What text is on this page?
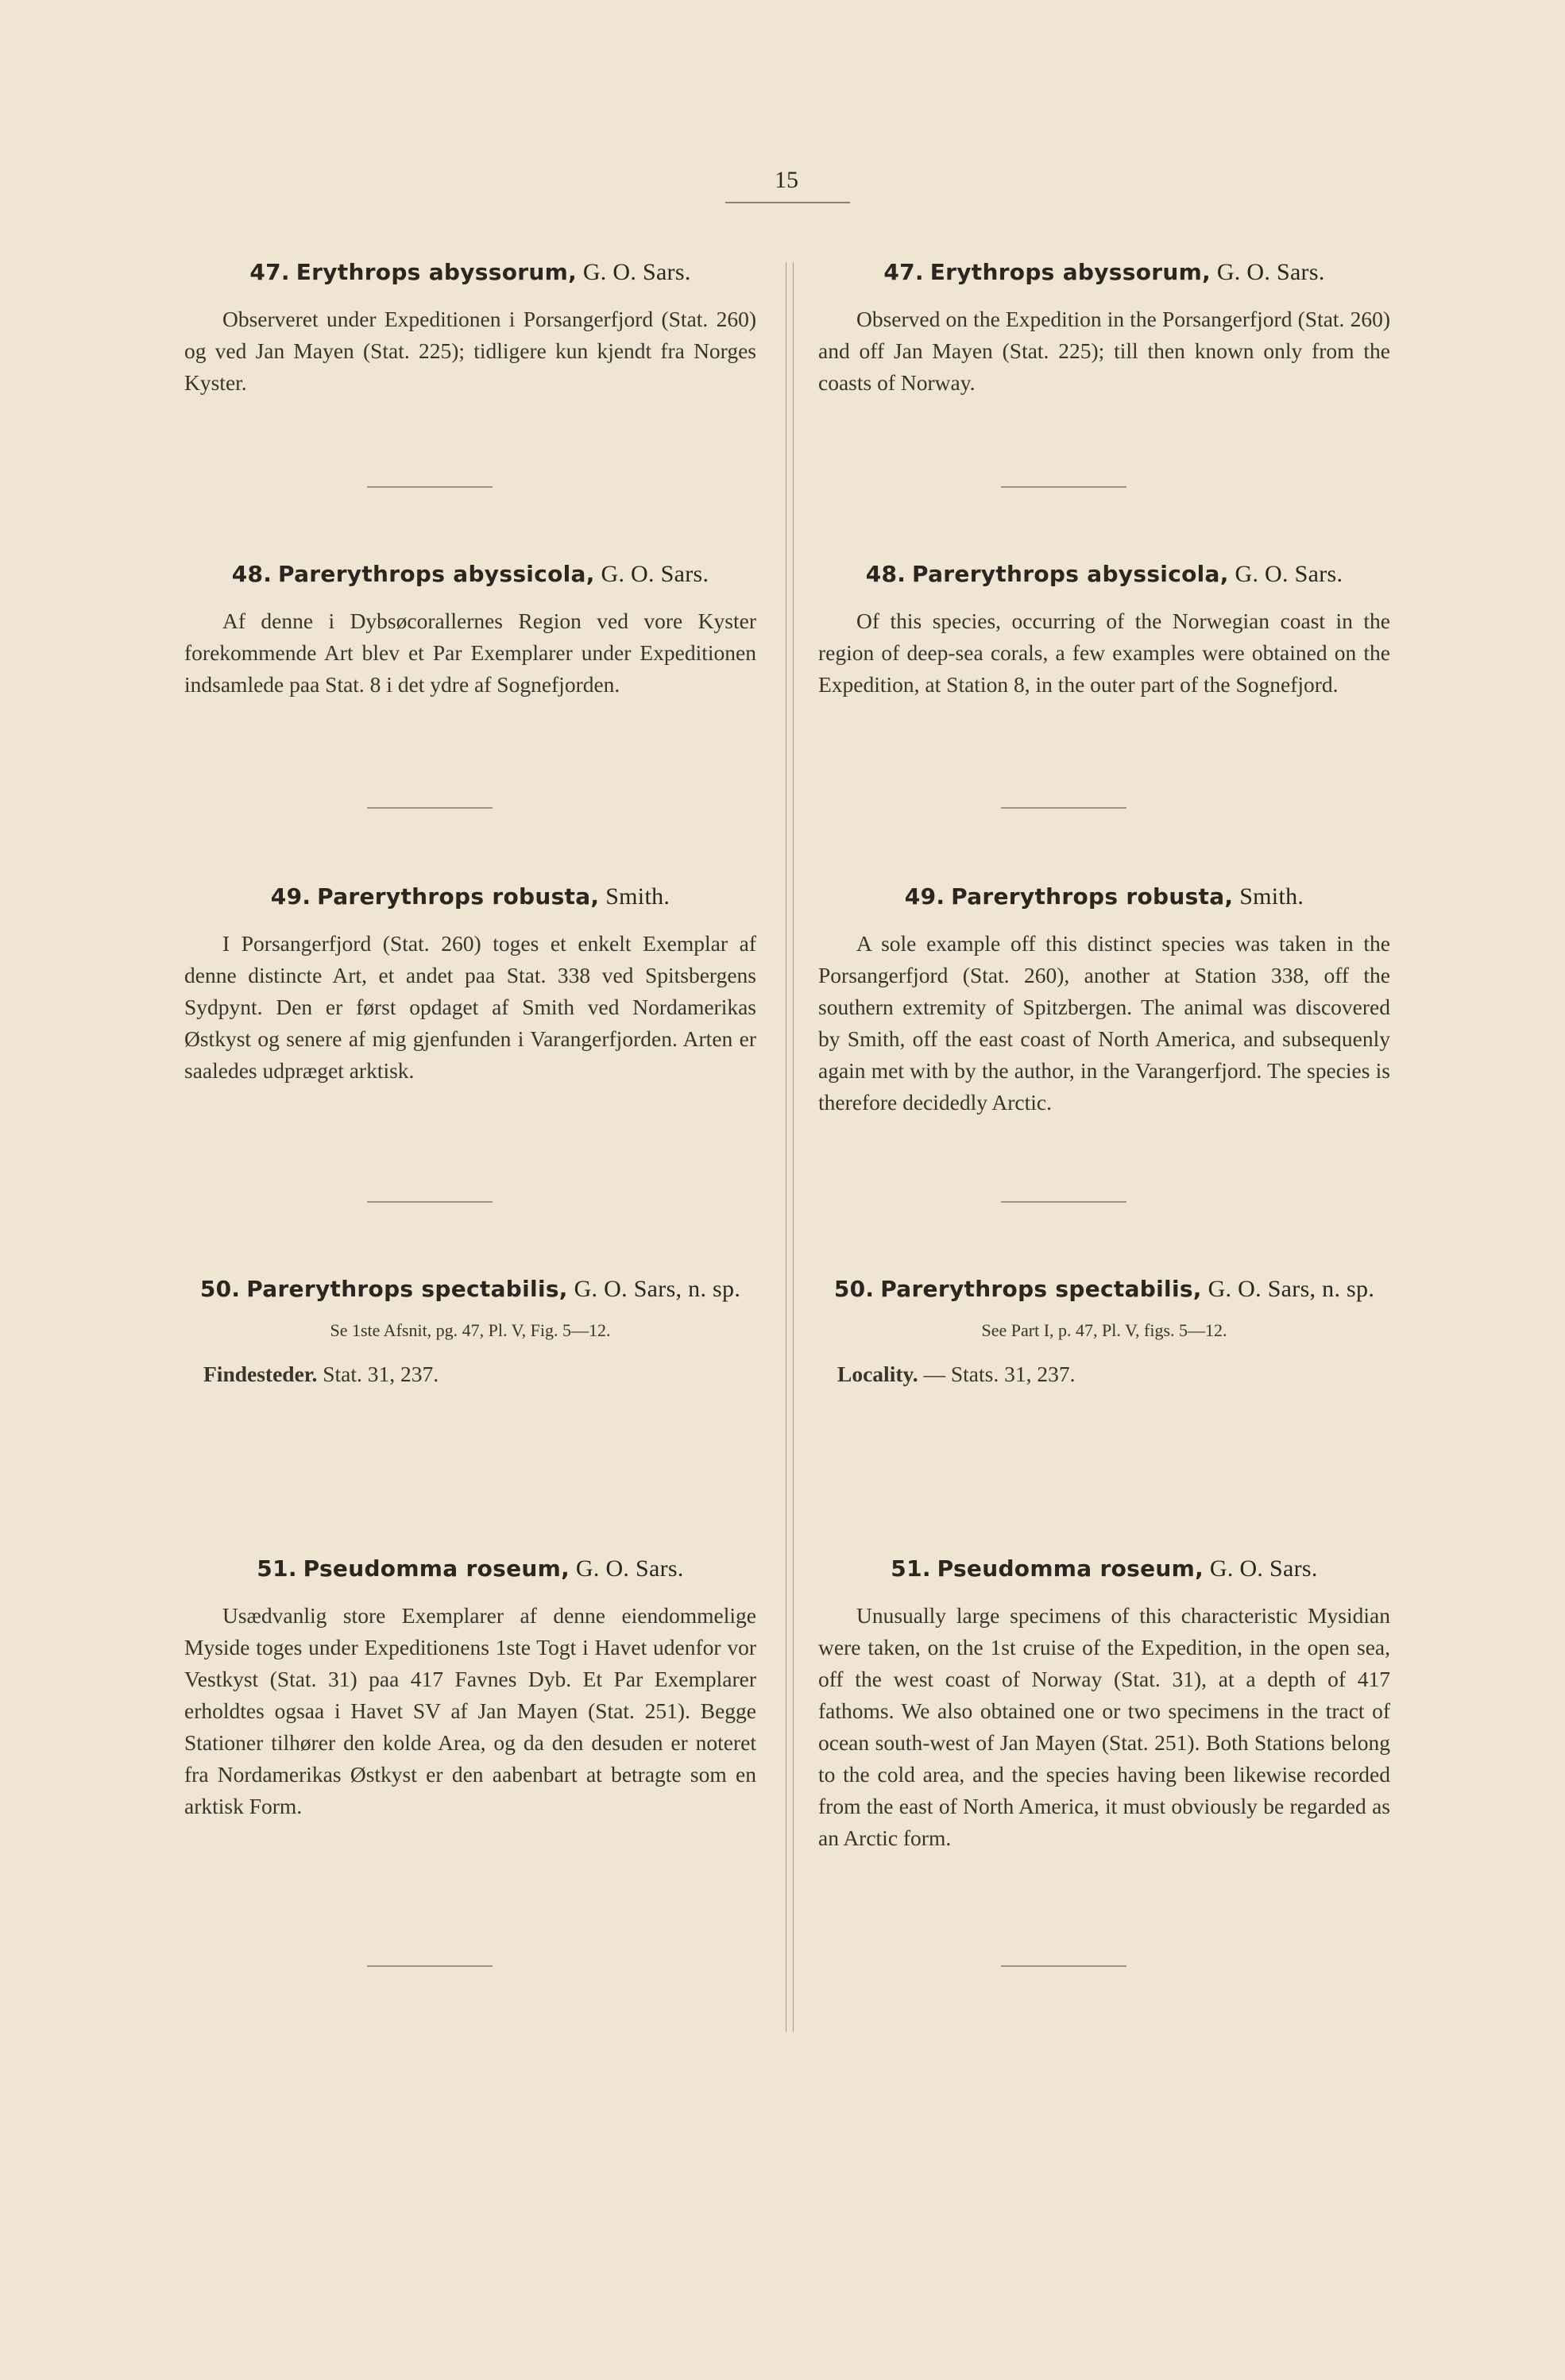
15

47. Erythrops abyssorum, G. O. Sars.

Observeret under Expeditionen i Porsangerfjord (Stat. 260) og ved Jan Mayen (Stat. 225); tidligere kun kjendt fra Norges Kyster.

48. Parerythrops abyssicola, G. O. Sars.

Af denne i Dybsøcorallernes Region ved vore Kyster forekommende Art blev et Par Exemplarer under Expeditionen indsamlede paa Stat. 8 i det ydre af Sognefjorden.

49. Parerythrops robusta, Smith.

I Porsangerfjord (Stat. 260) toges et enkelt Exemplar af denne distincte Art, et andet paa Stat. 338 ved Spitsbergens Sydpynt. Den er først opdaget af Smith ved Nordamerikas Østkyst og senere af mig gjenfunden i Varangerfjorden. Arten er saaledes udpræget arktisk.

50. Parerythrops spectabilis, G. O. Sars, n. sp.

Se 1ste Afsnit, pg. 47, Pl. V, Fig. 5—12.

Findesteder. Stat. 31, 237.

51. Pseudomma roseum, G. O. Sars.

Usædvanlig store Exemplarer af denne eiendommelige Myside toges under Expeditionens 1ste Togt i Havet udenfor vor Vestkyst (Stat. 31) paa 417 Favnes Dyb. Et Par Exemplarer erholdtes ogsaa i Havet SV af Jan Mayen (Stat. 251). Begge Stationer tilhører den kolde Area, og da den desuden er noteret fra Nordamerikas Østkyst er den aabenbart at betragte som en arktisk Form.

47. Erythrops abyssorum, G. O. Sars.

Observed on the Expedition in the Porsangerfjord (Stat. 260) and off Jan Mayen (Stat. 225); till then known only from the coasts of Norway.

48. Parerythrops abyssicola, G. O. Sars.

Of this species, occurring of the Norwegian coast in the region of deep-sea corals, a few examples were obtained on the Expedition, at Station 8, in the outer part of the Sognefjord.

49. Parerythrops robusta, Smith.

A sole example off this distinct species was taken in the Porsangerfjord (Stat. 260), another at Station 338, off the southern extremity of Spitzbergen. The animal was discovered by Smith, off the east coast of North America, and subsequenly again met with by the author, in the Varangerfjord. The species is therefore decidedly Arctic.

50. Parerythrops spectabilis, G. O. Sars, n. sp.

See Part I, p. 47, Pl. V, figs. 5—12.

Locality. — Stats. 31, 237.

51. Pseudomma roseum, G. O. Sars.

Unusually large specimens of this characteristic Mysidian were taken, on the 1st cruise of the Expedition, in the open sea, off the west coast of Norway (Stat. 31), at a depth of 417 fathoms. We also obtained one or two specimens in the tract of ocean south-west of Jan Mayen (Stat. 251). Both Stations belong to the cold area, and the species having been likewise recorded from the east of North America, it must obviously be regarded as an Arctic form.
